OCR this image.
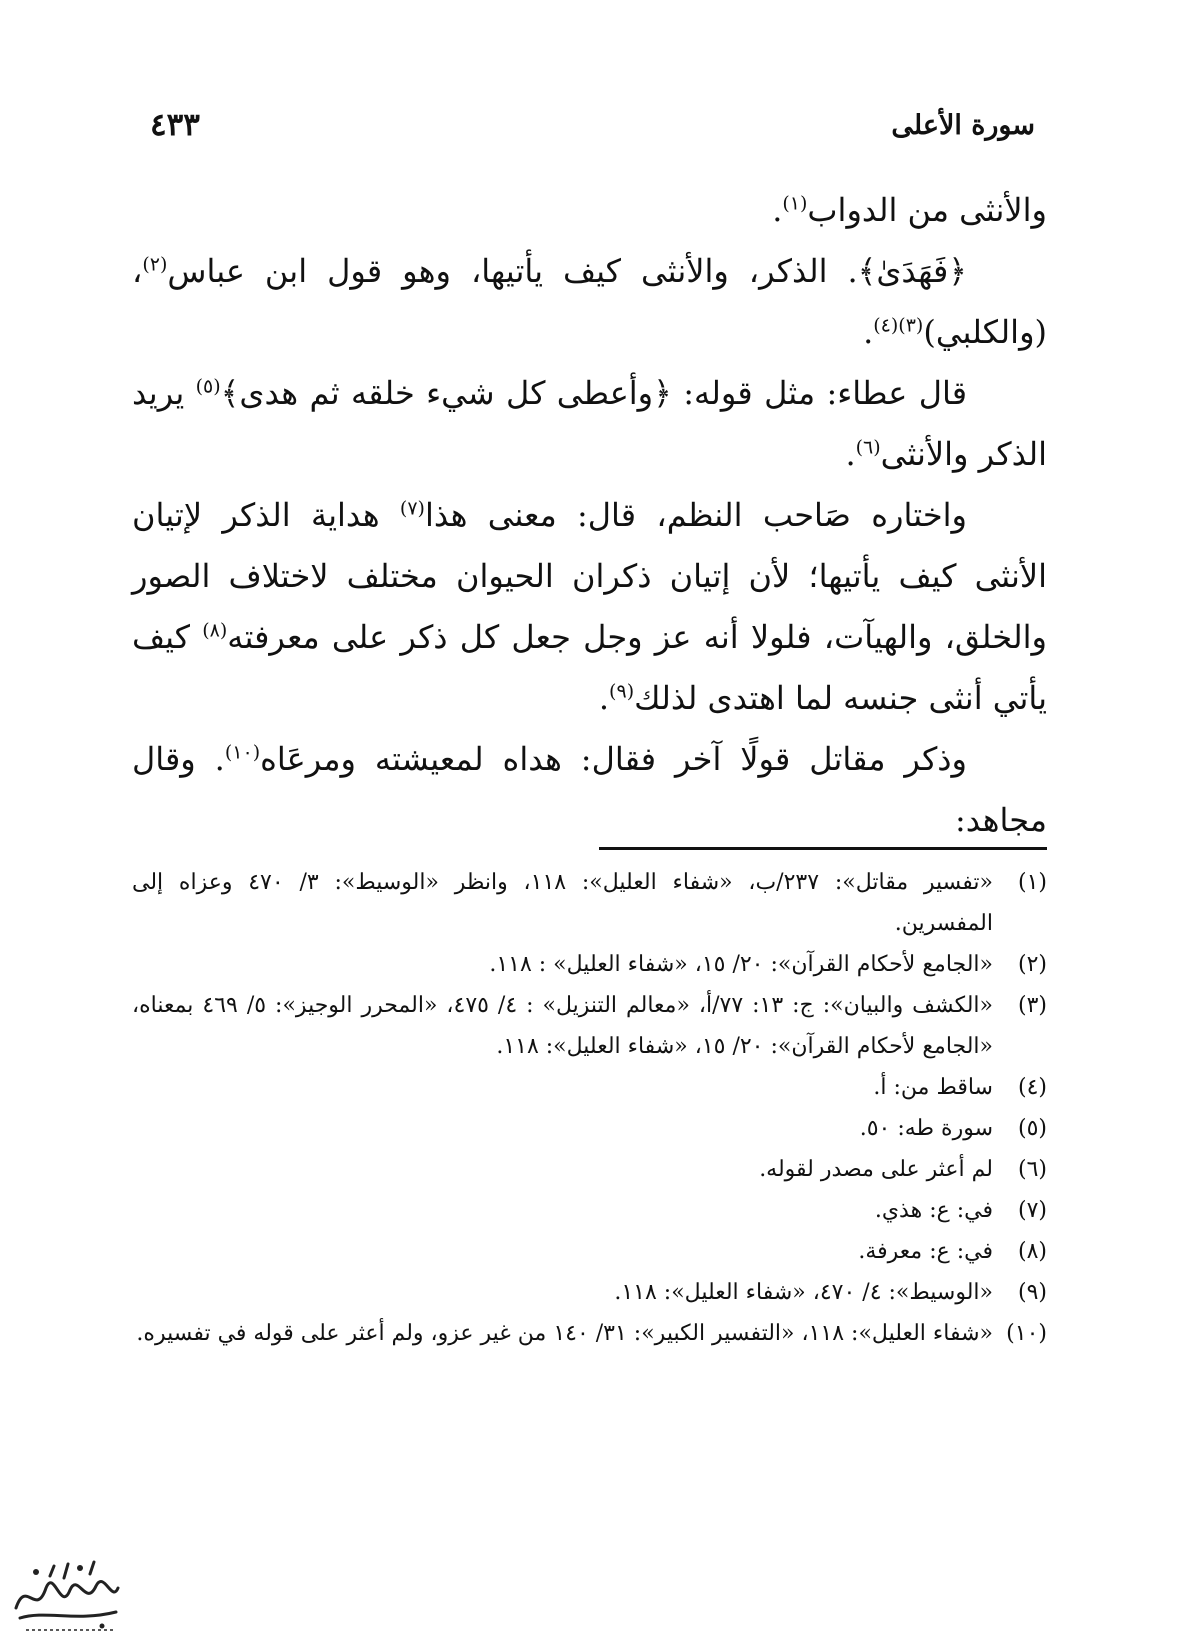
سورة الأعلى
٤٣٣

والأنثى من الدواب$^{(١)}$.

﴿فَهَدَىٰ﴾. الذكر، والأنثى كيف يأتيها، وهو قول ابن عباس$^{(٢)}$، (والكلبي)$^{(٣)(٤)}$.

قال عطاء: مثل قوله: ﴿وأعطى كل شيء خلقه ثم هدى﴾$^{(٥)}$ يريد الذكر والأنثى$^{(٦)}$.

واختاره صَاحب النظم، قال: معنى هذا$^{(٧)}$ هداية الذكر لإتيان الأنثى كيف يأتيها؛ لأن إتيان ذكران الحيوان مختلف لاختلاف الصور والخلق، والهيآت، فلولا أنه عز وجل جعل كل ذكر على معرفته$^{(٨)}$ كيف يأتي أنثى جنسه لما اهتدى لذلك$^{(٩)}$.

وذكر مقاتل قولًا آخر فقال: هداه لمعيشته ومرعَاه$^{(١٠)}$. وقال مجاهد:

(١)
«تفسير مقاتل»: ٢٣٧/ب، «شفاء العليل»: ١١٨، وانظر «الوسيط»: ٣/ ٤٧٠ وعزاه إلى المفسرين.
(٢)
«الجامع لأحكام القرآن»: ٢٠/ ١٥، «شفاء العليل» : ١١٨.
(٣)
«الكشف والبيان»: ج: ١٣: ٧٧/أ، «معالم التنزيل» : ٤/ ٤٧٥، «المحرر الوجيز»: ٥/ ٤٦٩ بمعناه، «الجامع لأحكام القرآن»: ٢٠/ ١٥، «شفاء العليل»: ١١٨.
(٤)
ساقط من: أ.
(٥)
سورة طه: ٥٠.
(٦)
لم أعثر على مصدر لقوله.
(٧)
في: ع: هذي.
(٨)
في: ع: معرفة.
(٩)
«الوسيط»: ٤/ ٤٧٠، «شفاء العليل»: ١١٨.
(١٠)
«شفاء العليل»: ١١٨، «التفسير الكبير»: ٣١/ ١٤٠ من غير عزو، ولم أعثر على قوله في تفسيره.
